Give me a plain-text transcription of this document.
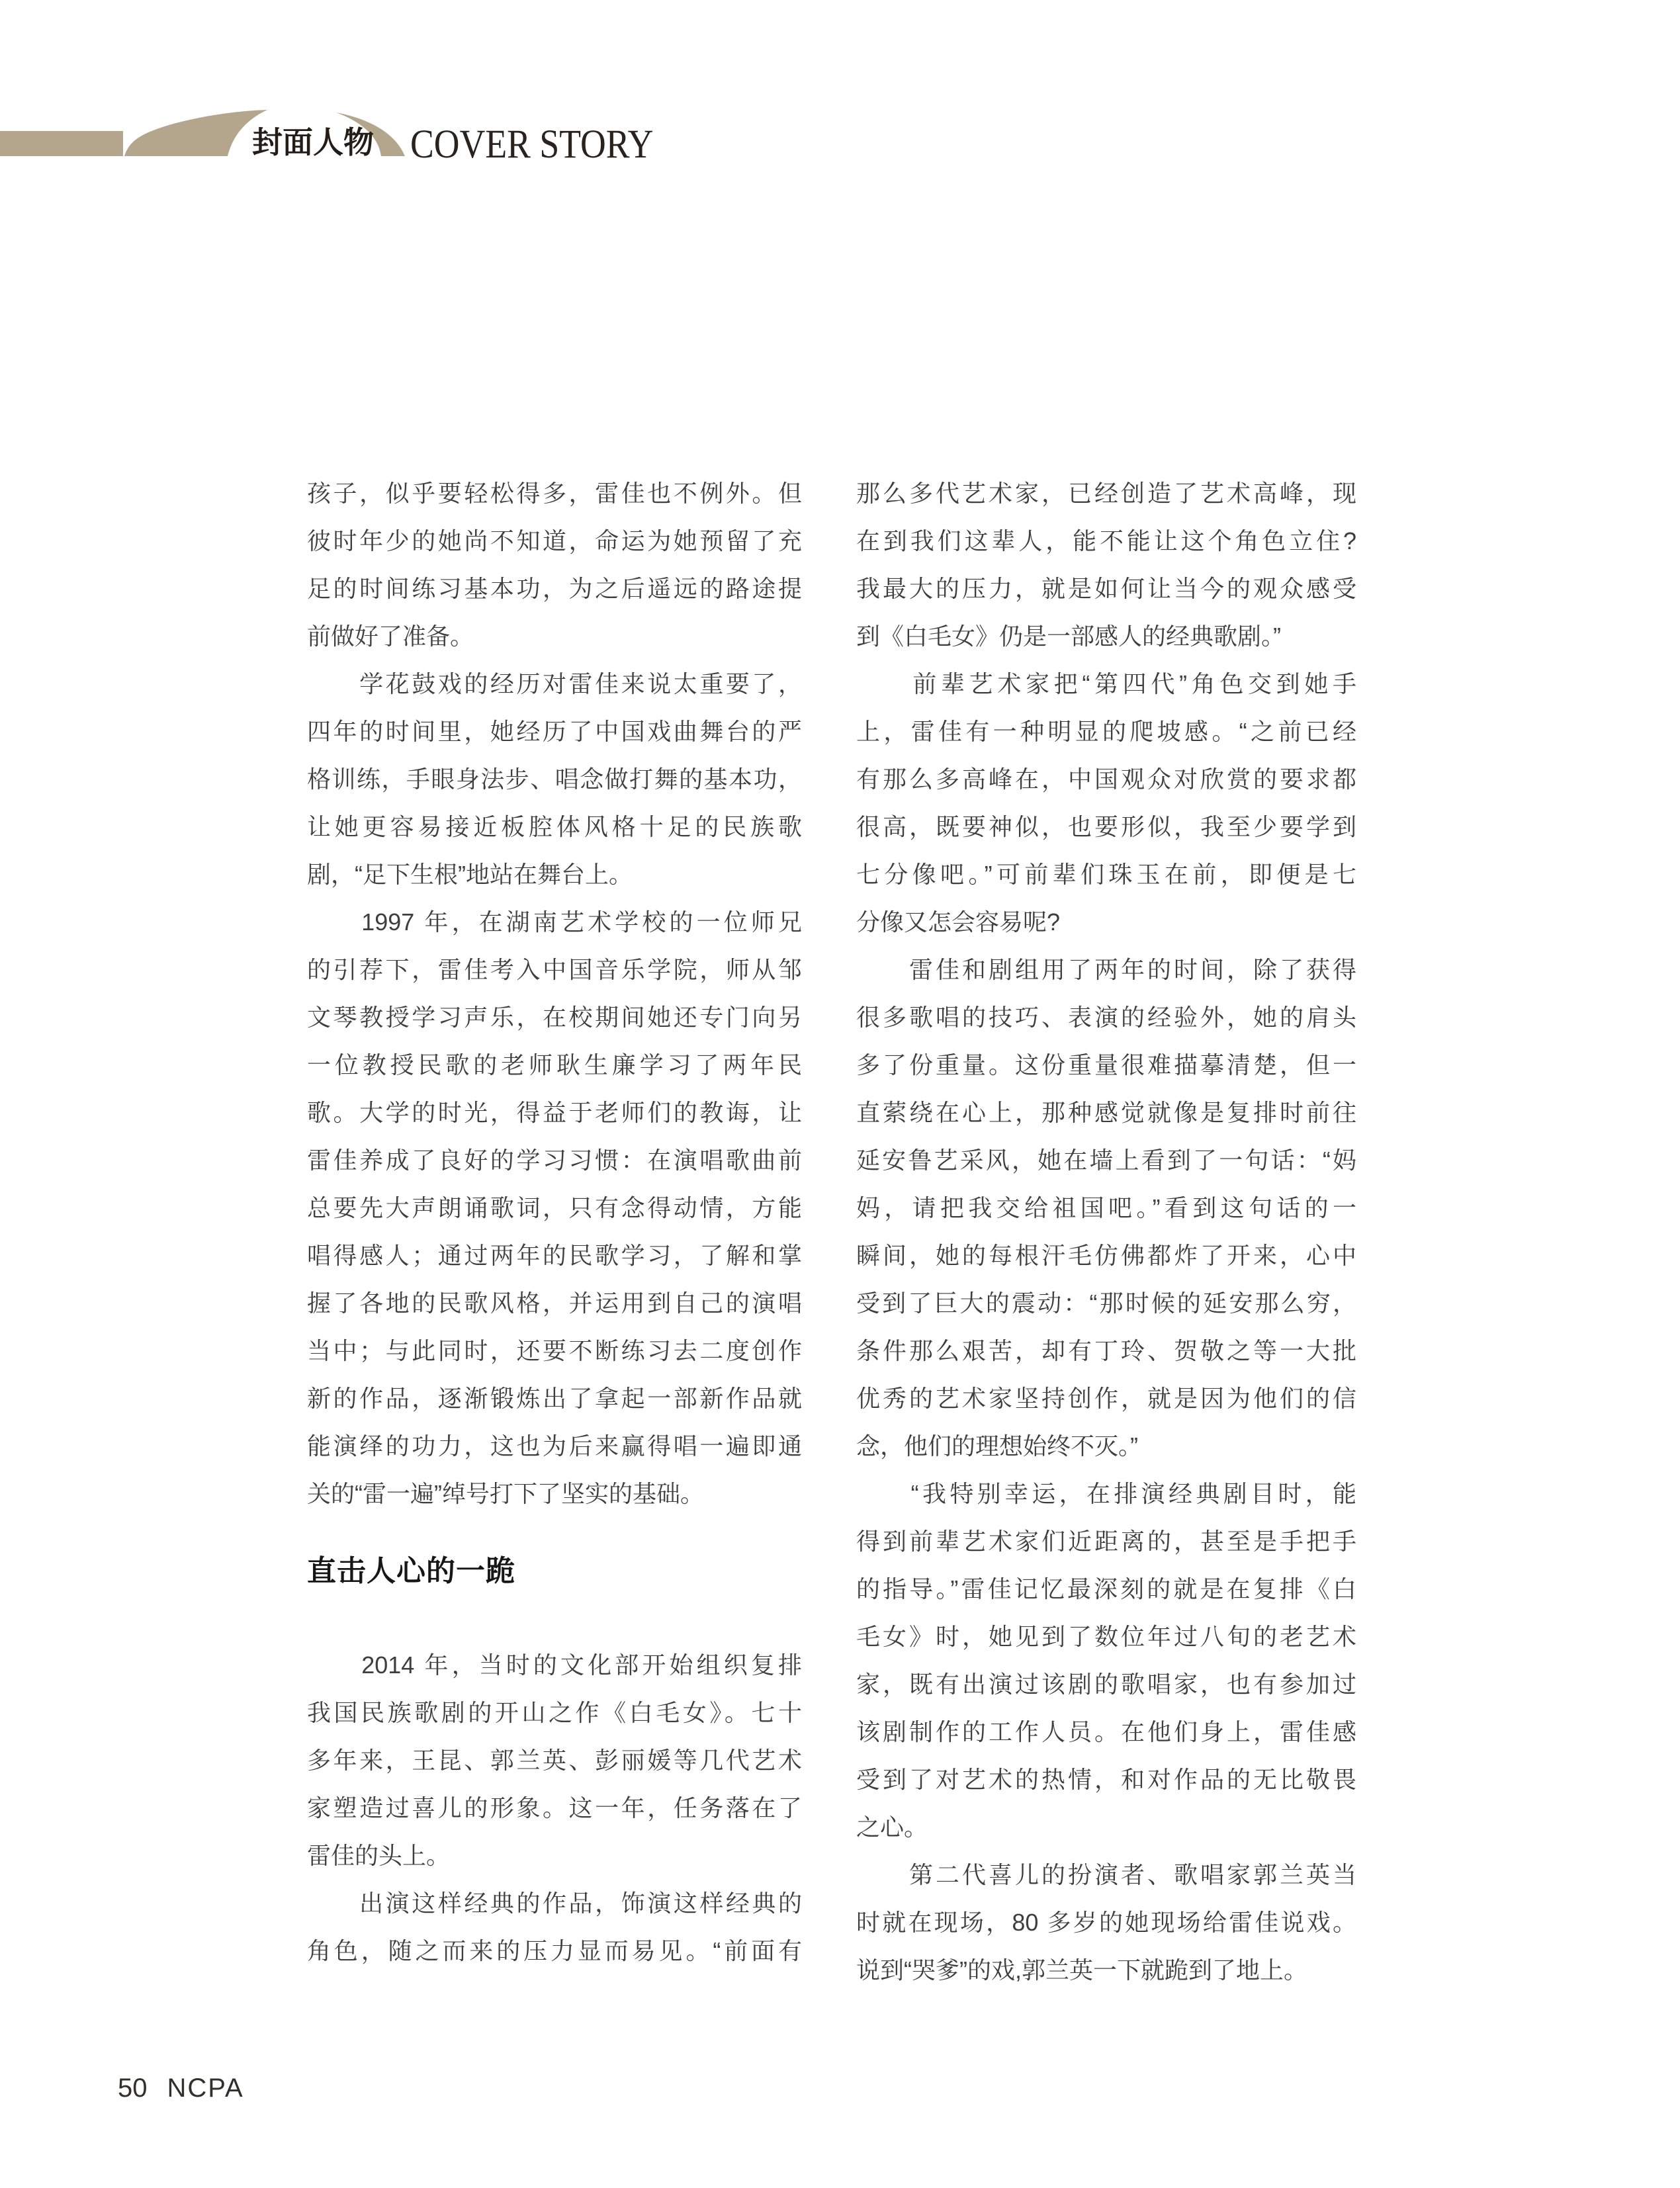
封面人物 COVER STORY
孩子，似乎要轻松得多，雷佳也不例外。但
彼时年少的她尚不知道，命运为她预留了充
足的时间练习基本功，为之后遥远的路途提
前做好了准备。
　　学花鼓戏的经历对雷佳来说太重要了，
四年的时间里，她经历了中国戏曲舞台的严
格训练，手眼身法步、唱念做打舞的基本功，
让她更容易接近板腔体风格十足的民族歌
剧，“足下生根”地站在舞台上。
　　1997 年，在湖南艺术学校的一位师兄
的引荐下，雷佳考入中国音乐学院，师从邹
文琴教授学习声乐，在校期间她还专门向另
一位教授民歌的老师耿生廉学习了两年民
歌。大学的时光，得益于老师们的教诲，让
雷佳养成了良好的学习习惯：在演唱歌曲前
总要先大声朗诵歌词，只有念得动情，方能
唱得感人；通过两年的民歌学习，了解和掌
握了各地的民歌风格，并运用到自己的演唱
当中；与此同时，还要不断练习去二度创作
新的作品，逐渐锻炼出了拿起一部新作品就
能演绎的功力，这也为后来赢得唱一遍即通
关的“雷一遍”绰号打下了坚实的基础。
直击人心的一跪
　　2014 年，当时的文化部开始组织复排
我国民族歌剧的开山之作《白毛女》。七十
多年来，王昆、郭兰英、彭丽媛等几代艺术
家塑造过喜儿的形象。这一年，任务落在了
雷佳的头上。
　　出演这样经典的作品，饰演这样经典的
角色，随之而来的压力显而易见。“前面有
那么多代艺术家，已经创造了艺术高峰，现
在到我们这辈人，能不能让这个角色立住?
我最大的压力，就是如何让当今的观众感受
到《白毛女》仍是一部感人的经典歌剧。”
　　前辈艺术家把“第四代”角色交到她手
上，雷佳有一种明显的爬坡感。“之前已经
有那么多高峰在，中国观众对欣赏的要求都
很高，既要神似，也要形似，我至少要学到
七分像吧。”可前辈们珠玉在前，即便是七
分像又怎会容易呢?
　　雷佳和剧组用了两年的时间，除了获得
很多歌唱的技巧、表演的经验外，她的肩头
多了份重量。这份重量很难描摹清楚，但一
直萦绕在心上，那种感觉就像是复排时前往
延安鲁艺采风，她在墙上看到了一句话：“妈
妈，请把我交给祖国吧。”看到这句话的一
瞬间，她的每根汗毛仿佛都炸了开来，心中
受到了巨大的震动：“那时候的延安那么穷，
条件那么艰苦，却有丁玲、贺敬之等一大批
优秀的艺术家坚持创作，就是因为他们的信
念，他们的理想始终不灭。”
　　“我特别幸运，在排演经典剧目时，能
得到前辈艺术家们近距离的，甚至是手把手
的指导。”雷佳记忆最深刻的就是在复排《白
毛女》时，她见到了数位年过八旬的老艺术
家，既有出演过该剧的歌唱家，也有参加过
该剧制作的工作人员。在他们身上，雷佳感
受到了对艺术的热情，和对作品的无比敬畏
之心。
　　第二代喜儿的扮演者、歌唱家郭兰英当
时就在现场，80 多岁的她现场给雷佳说戏。
说到“哭爹”的戏,郭兰英一下就跪到了地上。
50 NCPA
